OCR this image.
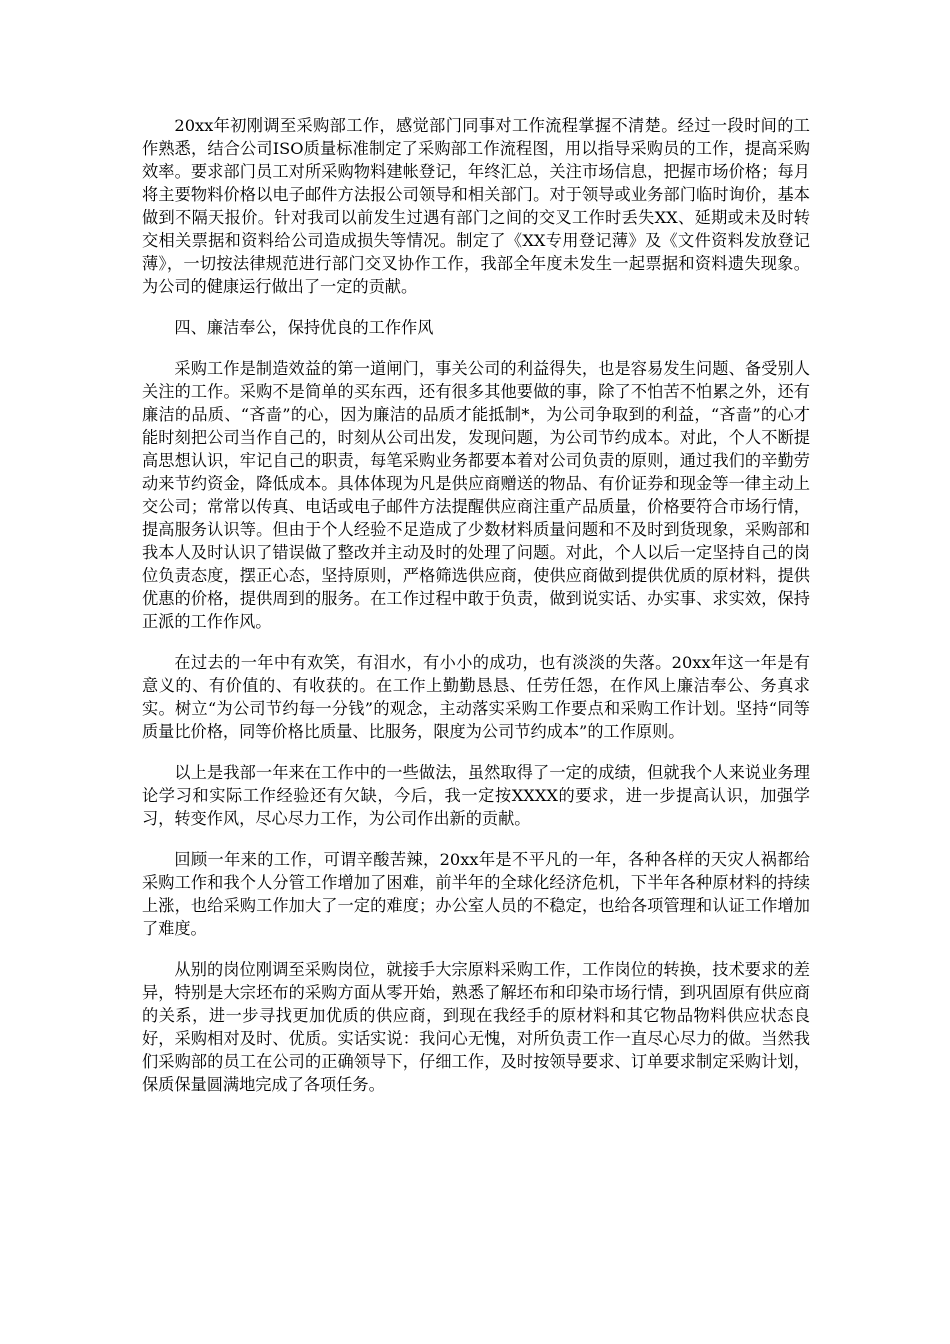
20xx年初刚调至采购部工作，感觉部门同事对工作流程掌握不清楚。经过一段时间的工作熟悉，结合公司ISO质量标准制定了采购部工作流程图，用以指导采购员的工作，提高采购效率。要求部门员工对所采购物料建帐登记，年终汇总，关注市场信息，把握市场价格；每月将主要物料价格以电子邮件方法报公司领导和相关部门。对于领导或业务部门临时询价，基本做到不隔天报价。针对我司以前发生过遇有部门之间的交叉工作时丢失XX、延期或未及时转交相关票据和资料给公司造成损失等情况。制定了《XX专用登记薄》及《文件资料发放登记薄》，一切按法律规范进行部门交叉协作工作，我部全年度未发生一起票据和资料遗失现象。为公司的健康运行做出了一定的贡献。

四、廉洁奉公，保持优良的工作作风

采购工作是制造效益的第一道闸门，事关公司的利益得失，也是容易发生问题、备受别人关注的工作。采购不是简单的买东西，还有很多其他要做的事，除了不怕苦不怕累之外，还有廉洁的品质、“吝啬”的心，因为廉洁的品质才能抵制*，为公司争取到的利益，“吝啬”的心才能时刻把公司当作自己的，时刻从公司出发，发现问题，为公司节约成本。对此，个人不断提高思想认识，牢记自己的职责，每笔采购业务都要本着对公司负责的原则，通过我们的辛勤劳动来节约资金，降低成本。具体体现为凡是供应商赠送的物品、有价证券和现金等一律主动上交公司；常常以传真、电话或电子邮件方法提醒供应商注重产品质量，价格要符合市场行情，提高服务认识等。但由于个人经验不足造成了少数材料质量问题和不及时到货现象，采购部和我本人及时认识了错误做了整改并主动及时的处理了问题。对此，个人以后一定坚持自己的岗位负责态度，摆正心态，坚持原则，严格筛选供应商，使供应商做到提供优质的原材料，提供优惠的价格，提供周到的服务。在工作过程中敢于负责，做到说实话、办实事、求实效，保持正派的工作作风。

在过去的一年中有欢笑，有泪水，有小小的成功，也有淡淡的失落。20xx年这一年是有意义的、有价值的、有收获的。在工作上勤勤恳恳、任劳任怨，在作风上廉洁奉公、务真求实。树立“为公司节约每一分钱”的观念，主动落实采购工作要点和采购工作计划。坚持“同等质量比价格，同等价格比质量、比服务，限度为公司节约成本”的工作原则。

以上是我部一年来在工作中的一些做法，虽然取得了一定的成绩，但就我个人来说业务理论学习和实际工作经验还有欠缺，今后，我一定按XXXX的要求，进一步提高认识，加强学习，转变作风，尽心尽力工作，为公司作出新的贡献。

回顾一年来的工作，可谓辛酸苦辣，20xx年是不平凡的一年，各种各样的天灾人祸都给采购工作和我个人分管工作增加了困难，前半年的全球化经济危机，下半年各种原材料的持续上涨，也给采购工作加大了一定的难度；办公室人员的不稳定，也给各项管理和认证工作增加了难度。

从别的岗位刚调至采购岗位，就接手大宗原料采购工作，工作岗位的转换，技术要求的差异，特别是大宗坯布的采购方面从零开始，熟悉了解坯布和印染市场行情，到巩固原有供应商的关系，进一步寻找更加优质的供应商，到现在我经手的原材料和其它物品物料供应状态良好，采购相对及时、优质。实话实说：我问心无愧，对所负责工作一直尽心尽力的做。当然我们采购部的员工在公司的正确领导下，仔细工作，及时按领导要求、订单要求制定采购计划，保质保量圆满地完成了各项任务。
